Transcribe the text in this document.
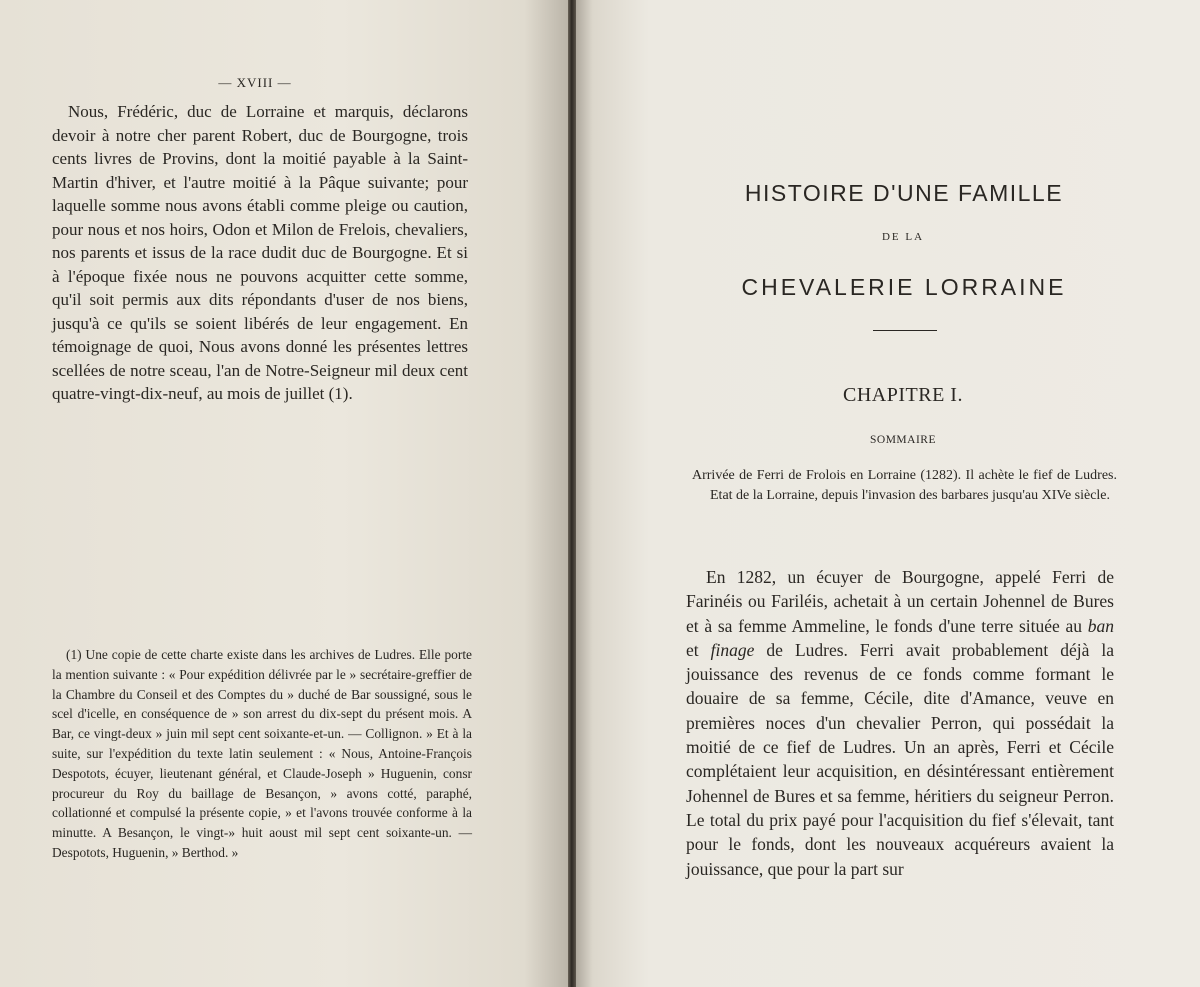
— XVIII —

Nous, Frédéric, duc de Lorraine et marquis, déclarons devoir à notre cher parent Robert, duc de Bourgogne, trois cents livres de Provins, dont la moitié payable à la Saint-Martin d'hiver, et l'autre moitié à la Pâque suivante; pour laquelle somme nous avons établi comme pleige ou caution, pour nous et nos hoirs, Odon et Milon de Frelois, chevaliers, nos parents et issus de la race dudit duc de Bourgogne. Et si à l'époque fixée nous ne pouvons acquitter cette somme, qu'il soit permis aux dits répondants d'user de nos biens, jusqu'à ce qu'ils se soient libérés de leur engagement. En témoignage de quoi, Nous avons donné les présentes lettres scellées de notre sceau, l'an de Notre-Seigneur mil deux cent quatre-vingt-dix-neuf, au mois de juillet (1).

(1) Une copie de cette charte existe dans les archives de Ludres. Elle porte la mention suivante : « Pour expédition délivrée par le » secrétaire-greffier de la Chambre du Conseil et des Comptes du » duché de Bar soussigné, sous le scel d'icelle, en conséquence de » son arrest du dix-sept du présent mois. A Bar, ce vingt-deux » juin mil sept cent soixante-et-un. — Collignon. » Et à la suite, sur l'expédition du texte latin seulement : « Nous, Antoine-François Despotots, écuyer, lieutenant général, et Claude-Joseph » Huguenin, consr procureur du Roy du baillage de Besançon, » avons cotté, paraphé, collationné et compulsé la présente copie, » et l'avons trouvée conforme à la minutte. A Besançon, le vingt-» huit aoust mil sept cent soixante-un. — Despotots, Huguenin, » Berthod. »

HISTOIRE D'UNE FAMILLE
DE LA
CHEVALERIE LORRAINE
CHAPITRE I.
SOMMAIRE

Arrivée de Ferri de Frolois en Lorraine (1282). Il achète le fief de Ludres. Etat de la Lorraine, depuis l'invasion des barbares jusqu'au XIVe siècle.

En 1282, un écuyer de Bourgogne, appelé Ferri de Farinéis ou Fariléis, achetait à un certain Johennel de Bures et à sa femme Ammeline, le fonds d'une terre située au ban et finage de Ludres. Ferri avait probablement déjà la jouissance des revenus de ce fonds comme formant le douaire de sa femme, Cécile, dite d'Amance, veuve en premières noces d'un chevalier Perron, qui possédait la moitié de ce fief de Ludres. Un an après, Ferri et Cécile complétaient leur acquisition, en désintéressant entièrement Johennel de Bures et sa femme, héritiers du seigneur Perron. Le total du prix payé pour l'acquisition du fief s'élevait, tant pour le fonds, dont les nouveaux acquéreurs avaient la jouissance, que pour la part sur
